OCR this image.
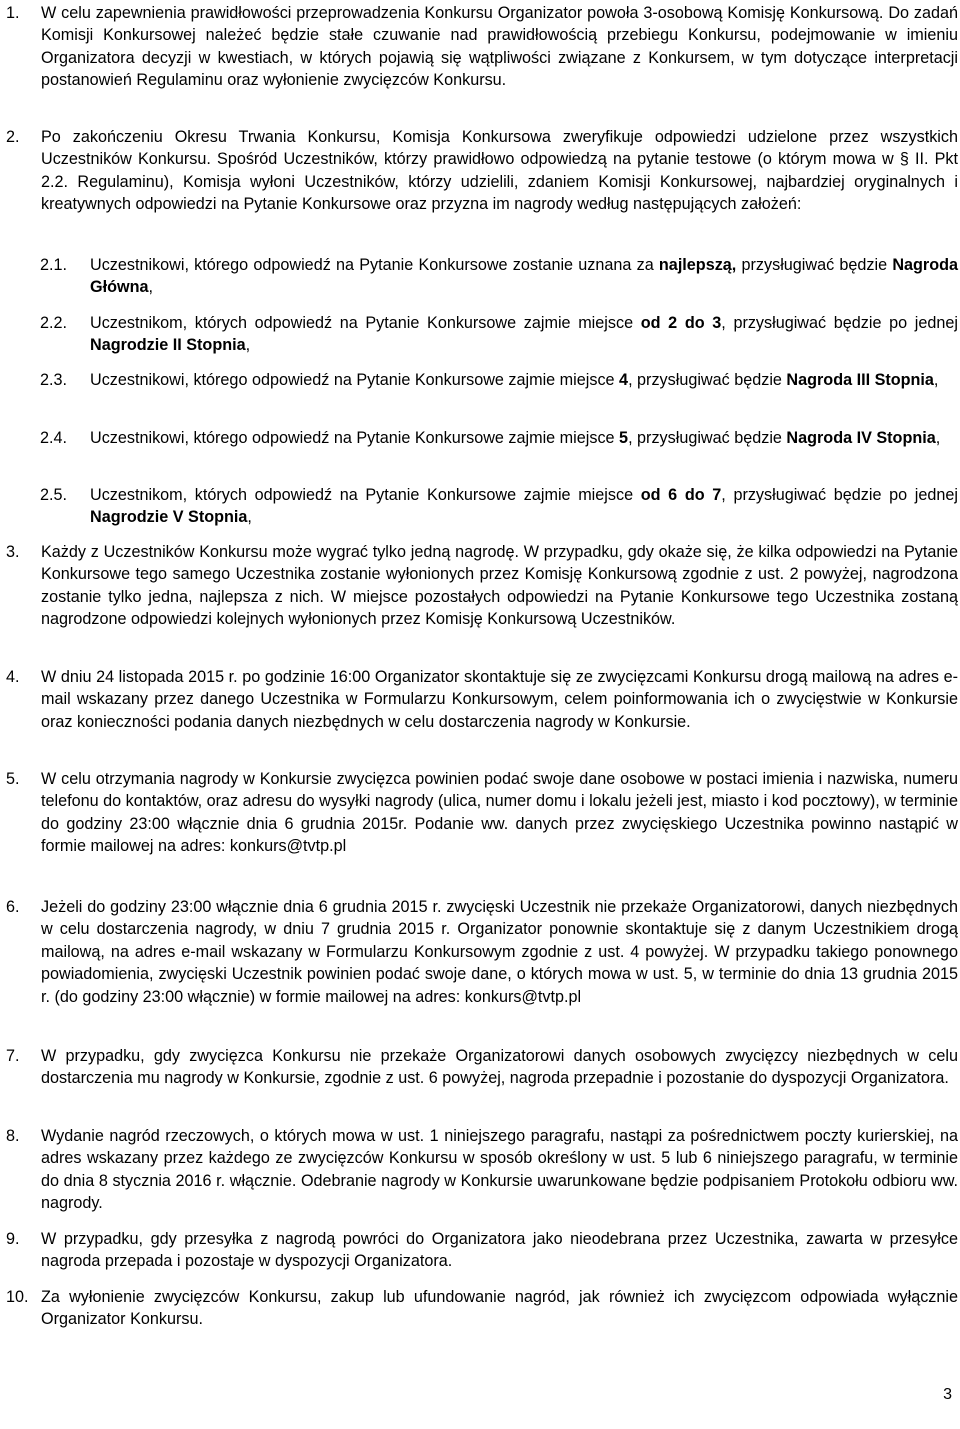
1. W celu zapewnienia prawidłowości przeprowadzenia Konkursu Organizator powoła 3-osobową Komisję Konkursową. Do zadań Komisji Konkursowej należeć będzie stałe czuwanie nad prawidłowością przebiegu Konkursu, podejmowanie w imieniu Organizatora decyzji w kwestiach, w których pojawią się wątpliwości związane z Konkursem, w tym dotyczące interpretacji postanowień Regulaminu oraz wyłonienie zwycięzców Konkursu.
2. Po zakończeniu Okresu Trwania Konkursu, Komisja Konkursowa zweryfikuje odpowiedzi udzielone przez wszystkich Uczestników Konkursu. Spośród Uczestników, którzy prawidłowo odpowiedzą na pytanie testowe (o którym mowa w § II. Pkt 2.2. Regulaminu), Komisja wyłoni Uczestników, którzy udzielili, zdaniem Komisji Konkursowej, najbardziej oryginalnych i kreatywnych odpowiedzi na Pytanie Konkursowe oraz przyzna im nagrody według następujących założeń:
2.1. Uczestnikowi, którego odpowiedź na Pytanie Konkursowe zostanie uznana za najlepszą, przysługiwać będzie Nagroda Główna,
2.2. Uczestnikom, których odpowiedź na Pytanie Konkursowe zajmie miejsce od 2 do 3, przysługiwać będzie po jednej Nagrodzie II Stopnia,
2.3. Uczestnikowi, którego odpowiedź na Pytanie Konkursowe zajmie miejsce 4, przysługiwać będzie Nagroda III Stopnia,
2.4. Uczestnikowi, którego odpowiedź na Pytanie Konkursowe zajmie miejsce 5, przysługiwać będzie Nagroda IV Stopnia,
2.5. Uczestnikom, których odpowiedź na Pytanie Konkursowe zajmie miejsce od 6 do 7, przysługiwać będzie po jednej Nagrodzie V Stopnia,
3. Każdy z Uczestników Konkursu może wygrać tylko jedną nagrodę. W przypadku, gdy okaże się, że kilka odpowiedzi na Pytanie Konkursowe tego samego Uczestnika zostanie wyłonionych przez Komisję Konkursową zgodnie z ust. 2 powyżej, nagrodzona zostanie tylko jedna, najlepsza z nich. W miejsce pozostałych odpowiedzi na Pytanie Konkursowe tego Uczestnika zostaną nagrodzone odpowiedzi kolejnych wyłonionych przez Komisję Konkursową Uczestników.
4. W dniu 24 listopada 2015 r. po godzinie 16:00 Organizator skontaktuje się ze zwycięzcami Konkursu drogą mailową na adres e-mail wskazany przez danego Uczestnika w Formularzu Konkursowym, celem poinformowania ich o zwycięstwie w Konkursie oraz konieczności podania danych niezbędnych w celu dostarczenia nagrody w Konkursie.
5. W celu otrzymania nagrody w Konkursie zwycięzca powinien podać swoje dane osobowe w postaci imienia i nazwiska, numeru telefonu do kontaktów, oraz adresu do wysyłki nagrody (ulica, numer domu i lokalu jeżeli jest, miasto i kod pocztowy), w terminie do godziny 23:00 włącznie dnia 6 grudnia 2015r. Podanie ww. danych przez zwycięskiego Uczestnika powinno nastąpić w formie mailowej na adres: konkurs@tvtp.pl
6. Jeżeli do godziny 23:00 włącznie dnia 6 grudnia 2015 r. zwycięski Uczestnik nie przekaże Organizatorowi, danych niezbędnych w celu dostarczenia nagrody, w dniu 7 grudnia 2015 r. Organizator ponownie skontaktuje się z danym Uczestnikiem drogą mailową, na adres e-mail wskazany w Formularzu Konkursowym zgodnie z ust. 4 powyżej. W przypadku takiego ponownego powiadomienia, zwycięski Uczestnik powinien podać swoje dane, o których mowa w ust. 5, w terminie do dnia 13 grudnia 2015 r. (do godziny 23:00 włącznie) w formie mailowej na adres: konkurs@tvtp.pl
7. W przypadku, gdy zwycięzca Konkursu nie przekaże Organizatorowi danych osobowych zwycięzcy niezbędnych w celu dostarczenia mu nagrody w Konkursie, zgodnie z ust. 6 powyżej, nagroda przepadnie i pozostanie do dyspozycji Organizatora.
8. Wydanie nagród rzeczowych, o których mowa w ust. 1 niniejszego paragrafu, nastąpi za pośrednictwem poczty kurierskiej, na adres wskazany przez każdego ze zwycięzców Konkursu w sposób określony w ust. 5 lub 6 niniejszego paragrafu, w terminie do dnia 8 stycznia 2016 r. włącznie. Odebranie nagrody w Konkursie uwarunkowane będzie podpisaniem Protokołu odbioru ww. nagrody.
9. W przypadku, gdy przesyłka z nagrodą powróci do Organizatora jako nieodebrana przez Uczestnika, zawarta w przesyłce nagroda przepada i pozostaje w dyspozycji Organizatora.
10. Za wyłonienie zwycięzców Konkursu, zakup lub ufundowanie nagród, jak również ich zwycięzcom odpowiada wyłącznie Organizator Konkursu.
3
